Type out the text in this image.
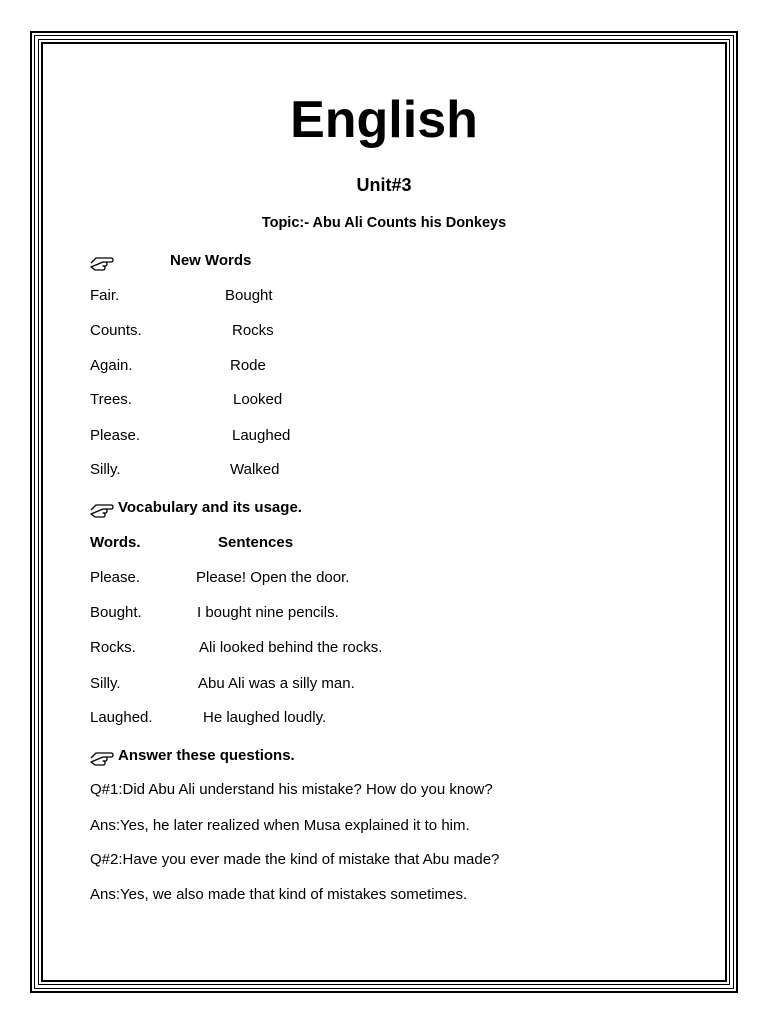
English
Unit#3
Topic:- Abu Ali Counts his Donkeys
New Words
Fair.	Bought
Counts.	Rocks
Again.	Rode
Trees.	Looked
Please.	Laughed
Silly.	Walked
Vocabulary and its usage.
Words.	Sentences
Please.	Please! Open the door.
Bought.	I bought nine pencils.
Rocks.	Ali looked behind the rocks.
Silly.	Abu Ali was a silly man.
Laughed.	He laughed loudly.
Answer these questions.
Q#1:Did Abu Ali understand his mistake? How do you know?
Ans:Yes, he later realized when Musa explained it to him.
Q#2:Have you ever made the kind of mistake that Abu made?
Ans:Yes, we also made that kind of mistakes sometimes.
